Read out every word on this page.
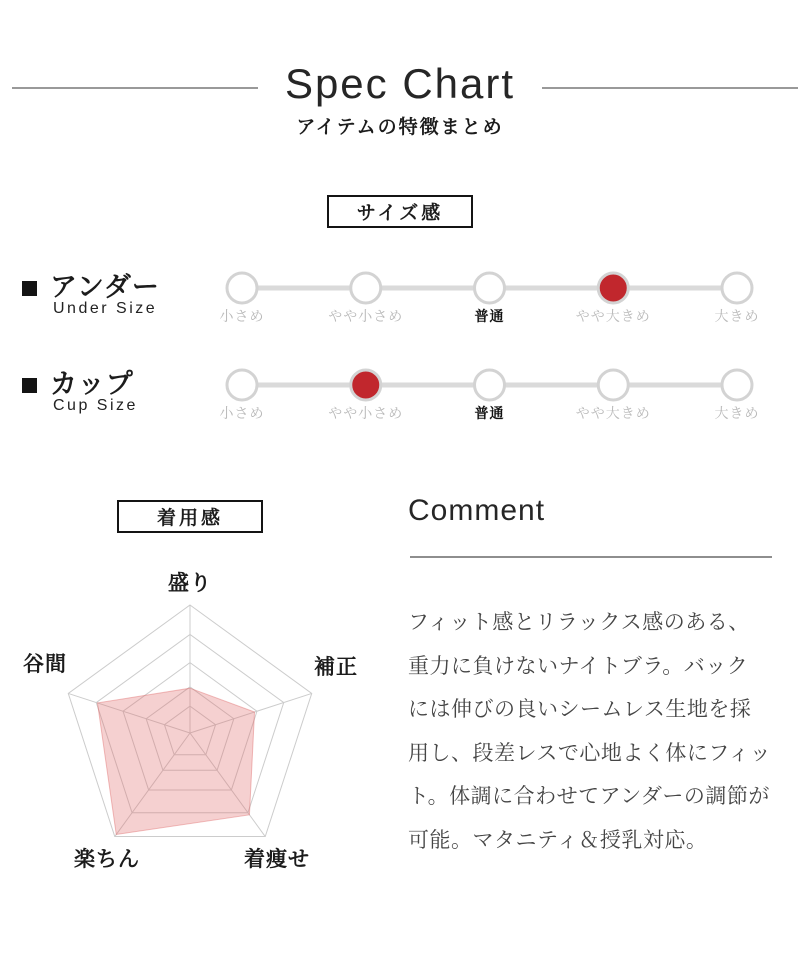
Spec Chart
アイテムの特徴まとめ
サイズ感
アンダー
Under Size	小さめ	やや小さめ	普通	やや大きめ	大きめ
カップ
Cup Size	小さめ	やや小さめ	普通	やや大きめ	大きめ
着用感
盛り
補正
着痩せ
楽ちん
谷間
Comment
フィット感とリラックス感のある、
重力に負けないナイトブラ。バック
には伸びの良いシームレス生地を採
用し、段差レスで心地よく体にフィッ
ト。体調に合わせてアンダーの調節が
可能。マタニティ＆授乳対応。
